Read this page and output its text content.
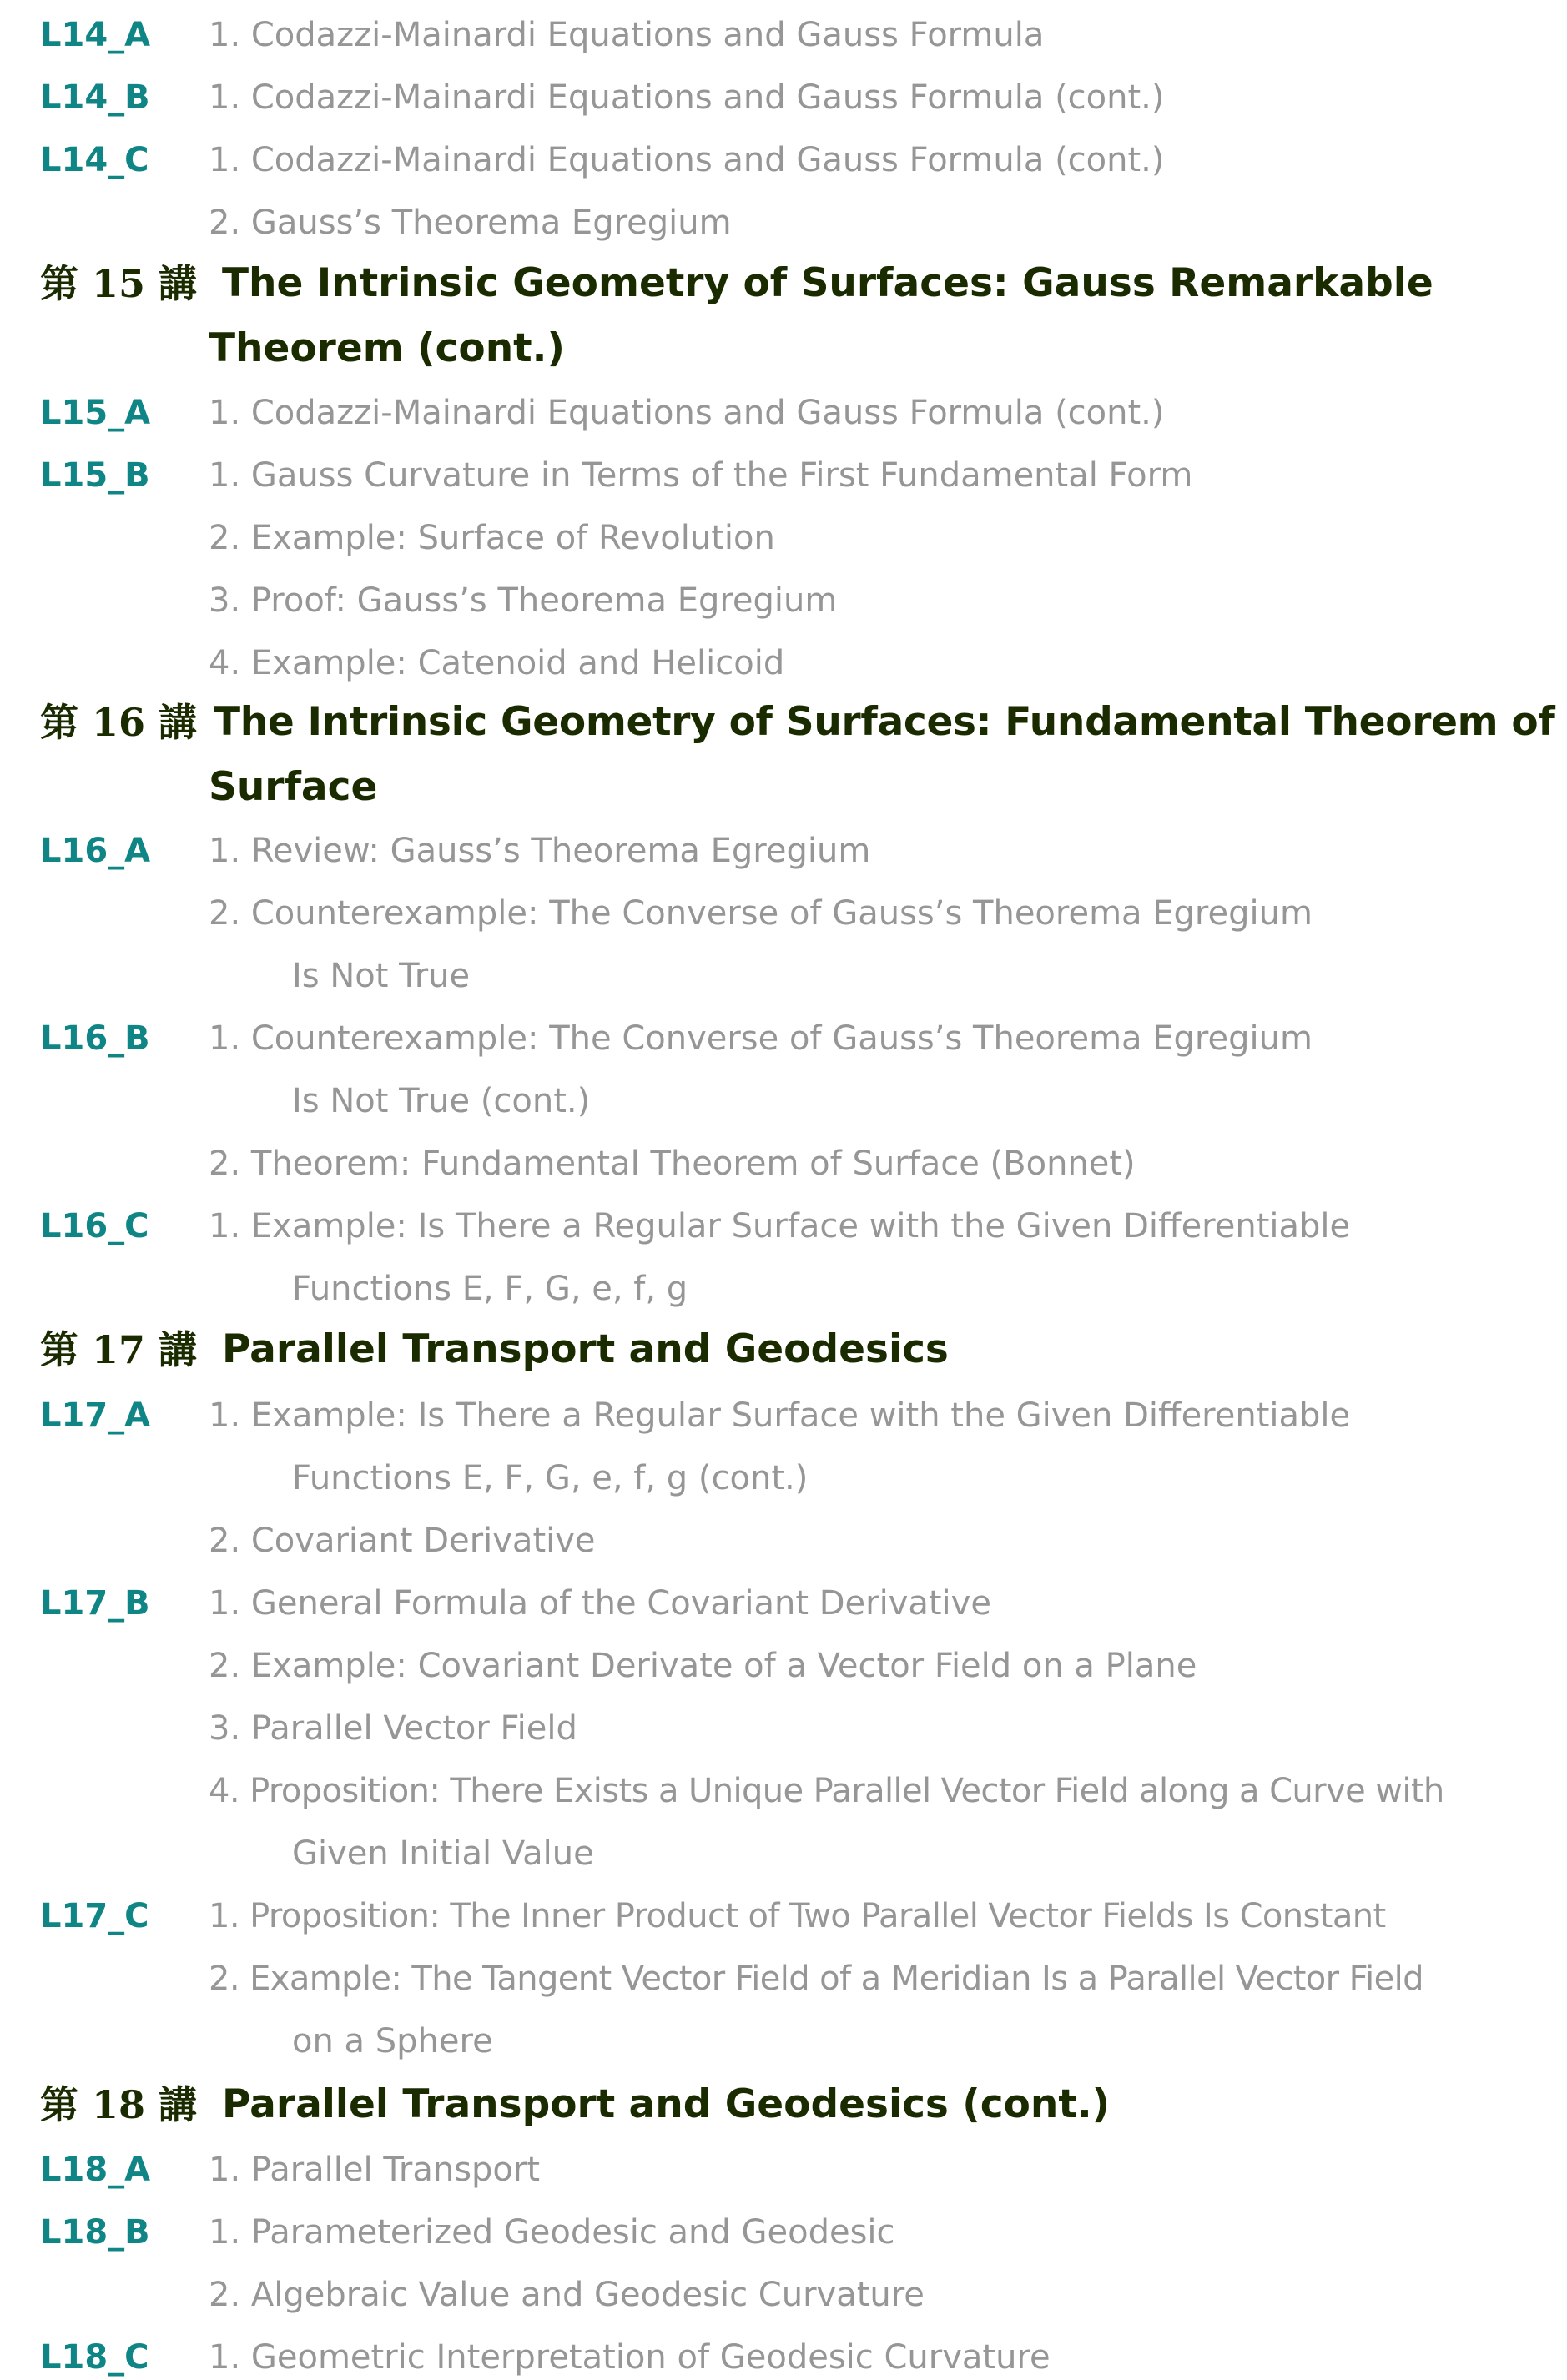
L14_A 1. Codazzi-Mainardi Equations and Gauss Formula
L14_B 1. Codazzi-Mainardi Equations and Gauss Formula (cont.)
L14_C 1. Codazzi-Mainardi Equations and Gauss Formula (cont.)
2. Gauss’s Theorema Egregium
第 15 講 The Intrinsic Geometry of Surfaces: Gauss Remarkable
Theorem (cont.)
L15_A 1. Codazzi-Mainardi Equations and Gauss Formula (cont.)
L15_B 1. Gauss Curvature in Terms of the First Fundamental Form
2. Example: Surface of Revolution
3. Proof: Gauss’s Theorema Egregium
4. Example: Catenoid and Helicoid
第 16 講 The Intrinsic Geometry of Surfaces: Fundamental Theorem of
Surface
L16_A 1. Review: Gauss’s Theorema Egregium
2. Counterexample: The Converse of Gauss’s Theorema Egregium
Is Not True
L16_B 1. Counterexample: The Converse of Gauss’s Theorema Egregium
Is Not True (cont.)
2. Theorem: Fundamental Theorem of Surface (Bonnet)
L16_C 1. Example: Is There a Regular Surface with the Given Differentiable
Functions E, F, G, e, f, g
第 17 講 Parallel Transport and Geodesics
L17_A 1. Example: Is There a Regular Surface with the Given Differentiable
Functions E, F, G, e, f, g (cont.)
2. Covariant Derivative
L17_B 1. General Formula of the Covariant Derivative
2. Example: Covariant Derivate of a Vector Field on a Plane
3. Parallel Vector Field
4. Proposition: There Exists a Unique Parallel Vector Field along a Curve with
Given Initial Value
L17_C 1. Proposition: The Inner Product of Two Parallel Vector Fields Is Constant
2. Example: The Tangent Vector Field of a Meridian Is a Parallel Vector Field
on a Sphere
第 18 講 Parallel Transport and Geodesics (cont.)
L18_A 1. Parallel Transport
L18_B 1. Parameterized Geodesic and Geodesic
2. Algebraic Value and Geodesic Curvature
L18_C 1. Geometric Interpretation of Geodesic Curvature
